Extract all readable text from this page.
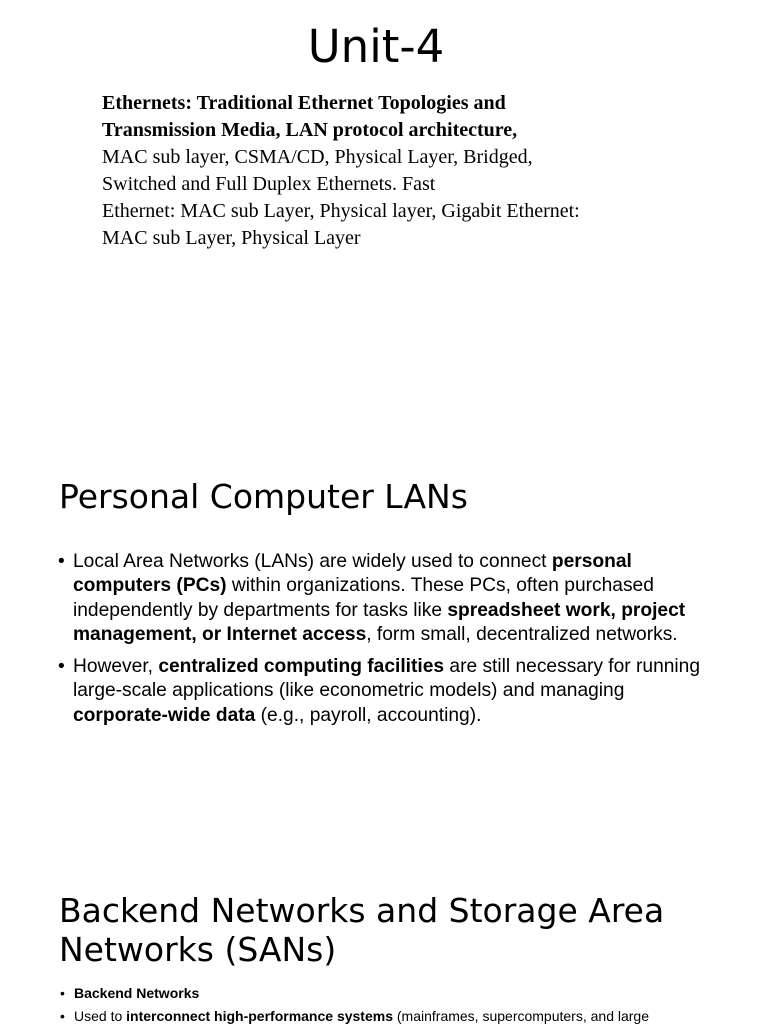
Unit-4
Ethernets: Traditional Ethernet Topologies and
Transmission Media, LAN protocol architecture,
MAC sub layer, CSMA/CD, Physical Layer, Bridged,
Switched and Full Duplex Ethernets. Fast
Ethernet: MAC sub Layer, Physical layer, Gigabit Ethernet:
MAC sub Layer, Physical Layer
Personal Computer LANs
• Local Area Networks (LANs) are widely used to connect personal computers (PCs) within organizations. These PCs, often purchased independently by departments for tasks like spreadsheet work, project management, or Internet access, form small, decentralized networks.
• However, centralized computing facilities are still necessary for running large-scale applications (like econometric models) and managing corporate-wide data (e.g., payroll, accounting).
Backend Networks and Storage Area Networks (SANs)
• Backend Networks
• Used to interconnect high-performance systems (mainframes, supercomputers, and large
